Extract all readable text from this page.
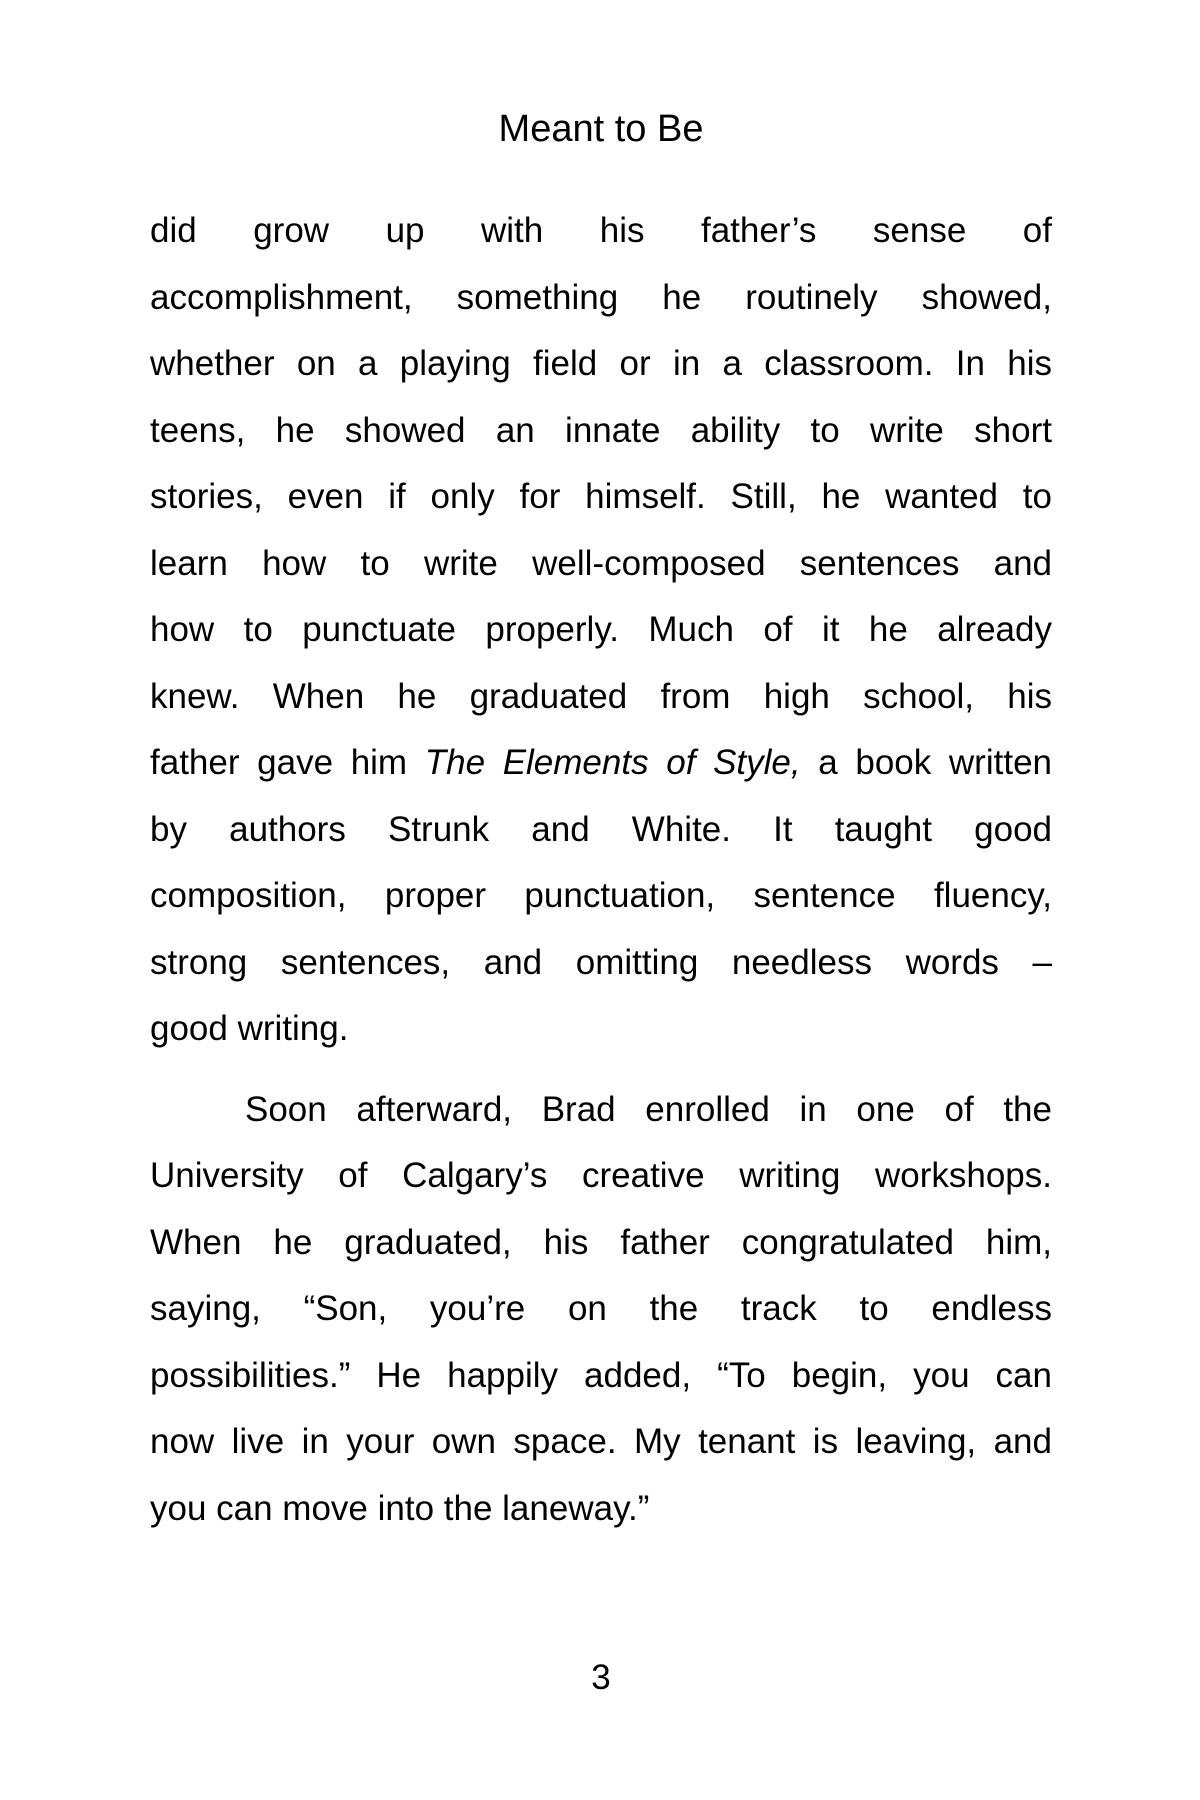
Meant to Be
did grow up with his father’s sense of
accomplishment, something he routinely showed,
whether on a playing field or in a classroom. In his
teens, he showed an innate ability to write short
stories, even if only for himself. Still, he wanted to
learn how to write well-composed sentences and
how to punctuate properly. Much of it he already
knew. When he graduated from high school, his
father gave him The Elements of Style, a book written
by authors Strunk and White. It taught good
composition, proper punctuation, sentence fluency,
strong sentences, and omitting needless words –
good writing.
Soon afterward, Brad enrolled in one of the
University of Calgary’s creative writing workshops.
When he graduated, his father congratulated him,
saying, “Son, you’re on the track to endless
possibilities.” He happily added, “To begin, you can
now live in your own space. My tenant is leaving, and
you can move into the laneway.”
3
